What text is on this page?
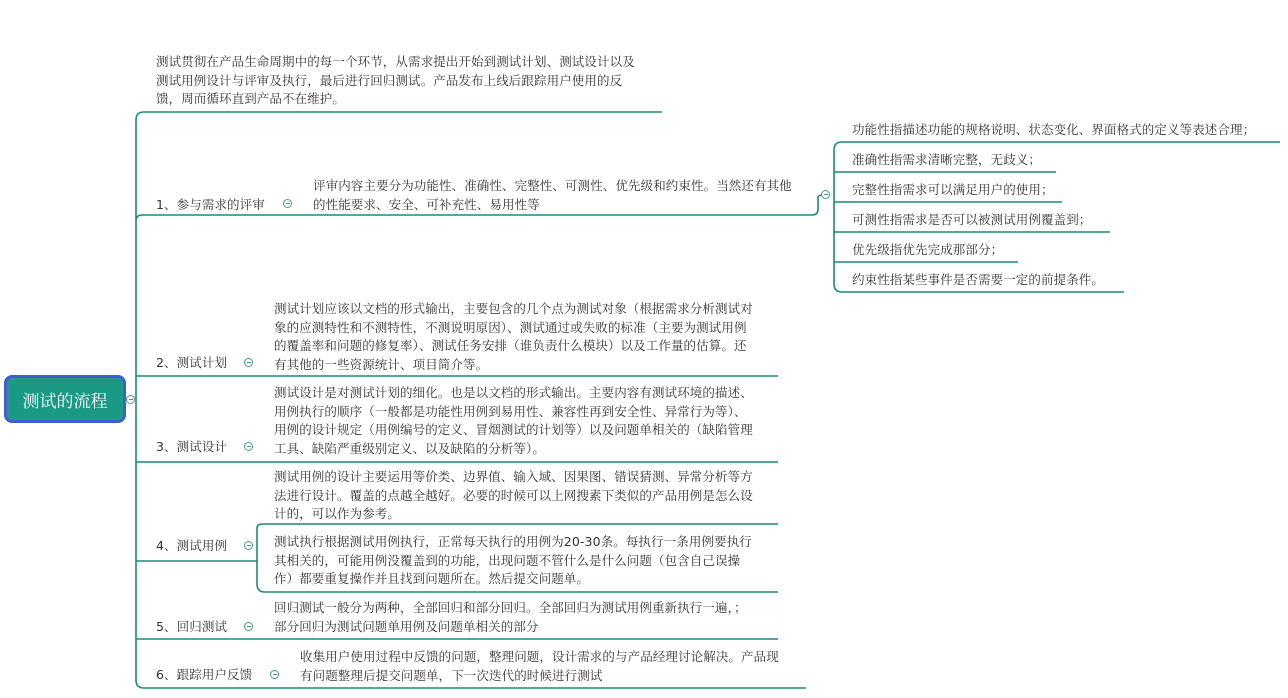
测试的流程
测试贯彻在产品生命周期中的每一个环节，从需求提出开始到测试计划、测试设计以及
测试用例设计与评审及执行，最后进行回归测试。产品发布上线后跟踪用户使用的反
馈，周而循环直到产品不在维护。
1、参与需求的评审
评审内容主要分为功能性、准确性、完整性、可测性、优先级和约束性。当然还有其他
的性能要求、安全、可补充性、易用性等
功能性指描述功能的规格说明、状态变化、界面格式的定义等表述合理；
准确性指需求清晰完整，无歧义；
完整性指需求可以满足用户的使用；
可测性指需求是否可以被测试用例覆盖到；
优先级指优先完成那部分；
约束性指某些事件是否需要一定的前提条件。
2、测试计划
测试计划应该以文档的形式输出，主要包含的几个点为测试对象（根据需求分析测试对
象的应测特性和不测特性，不测说明原因）、测试通过或失败的标准（主要为测试用例
的覆盖率和问题的修复率）、测试任务安排（谁负责什么模块）以及工作量的估算。还
有其他的一些资源统计、项目简介等。
3、测试设计
测试设计是对测试计划的细化。也是以文档的形式输出。主要内容有测试环境的描述、
用例执行的顺序（一般都是功能性用例到易用性、兼容性再到安全性、异常行为等）、
用例的设计规定（用例编号的定义、冒烟测试的计划等）以及问题单相关的（缺陷管理
工具、缺陷严重级别定义、以及缺陷的分析等）。
4、测试用例
测试用例的设计主要运用等价类、边界值、输入域、因果图、错误猜测、异常分析等方
法进行设计。覆盖的点越全越好。必要的时候可以上网搜素下类似的产品用例是怎么设
计的，可以作为参考。
测试执行根据测试用例执行，正常每天执行的用例为20-30条。每执行一条用例要执行
其相关的，可能用例没覆盖到的功能，出现问题不管什么是什么问题（包含自己误操
作）都要重复操作并且找到问题所在。然后提交问题单。
5、回归测试
回归测试一般分为两种，全部回归和部分回归。全部回归为测试用例重新执行一遍，；
部分回归为测试问题单用例及问题单相关的部分
6、跟踪用户反馈
收集用户使用过程中反馈的问题，整理问题，设计需求的与产品经理讨论解决。产品现
有问题整理后提交问题单，下一次迭代的时候进行测试
